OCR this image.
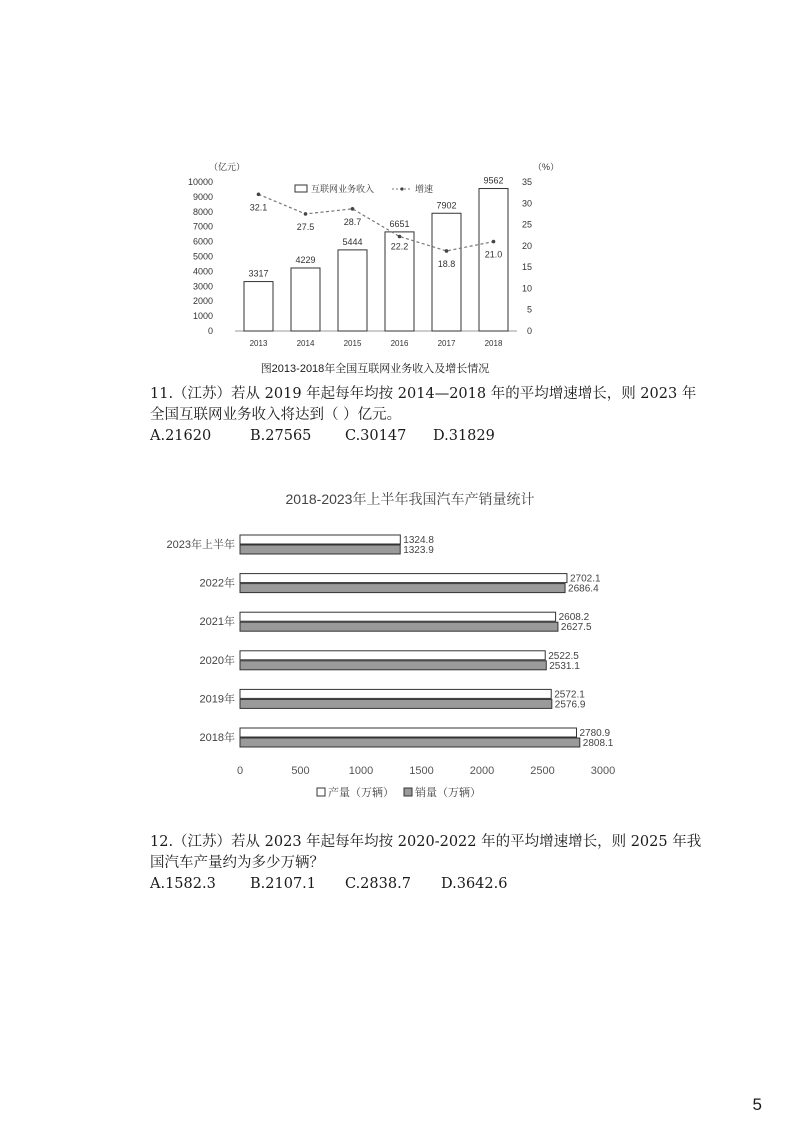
（亿元）	（%）
0
1000
2000
3000
4000
5000
6000
7000
8000
9000
10000
0
5
10
15
20
25
30
35
3317
4229
5444
6651
7902
9562
32.1
27.5
28.7
22.2
18.8
21.0
2013	2014	2015	2016	2017	2018
互联网业务收入	增速
图2013-2018年全国互联网业务收入及增长情况

11.（江苏）若从 2019 年起每年均按 2014—2018 年的平均增速增长，则 2023 年

全国互联网业务收入将达到（ ）亿元。

A.21620	B.27565 C.30147 D.31829
2018-2023年上半年我国汽车产销量统计
2023年上半年	1324.8
1323.9
2022年	2702.1
2686.4
2021年	2608.2
2627.5
2020年	2522.5
2531.1
2019年	2572.1
2576.9
2018年	2780.9
2808.1
0	500	1000	1500	2000	2500	3000
产量（万辆） 销量（万辆）

12.（江苏）若从 2023 年起每年均按 2020-2022 年的平均增速增长，则 2025 年我

国汽车产量约为多少万辆？

A.1582.3 B.2107.1 C.2838.7 D.3642.6
5
